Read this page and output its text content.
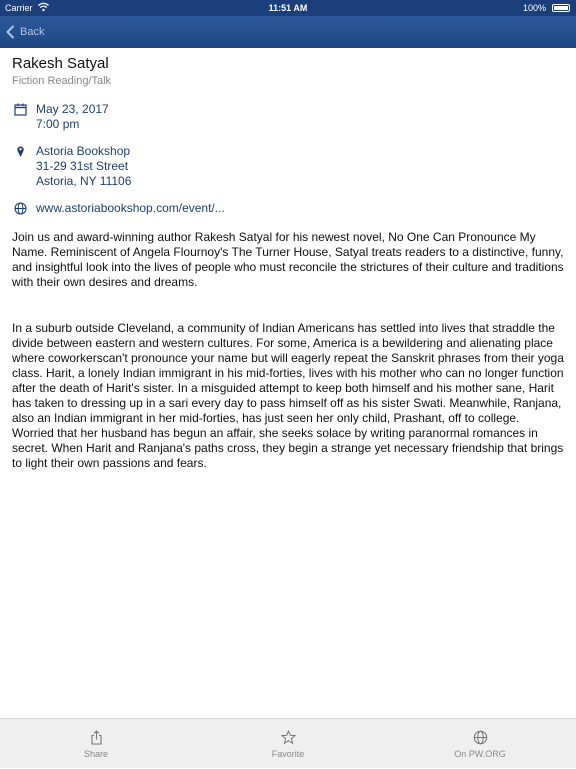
Carrier	11:51 AM	100%
Back
Rakesh Satyal
Fiction Reading/Talk
May 23, 2017
7:00 pm
Astoria Bookshop
31-29 31st Street
Astoria, NY 11106
www.astoriabookshop.com/event/...

Join us and award-winning author Rakesh Satyal for his newest novel, No One Can Pronounce My Name. Reminiscent of Angela Flournoy's The Turner House, Satyal treats readers to a distinctive, funny, and insightful look into the lives of people who must reconcile the strictures of their culture and traditions with their own desires and dreams.

In a suburb outside Cleveland, a community of Indian Americans has settled into lives that straddle the divide between eastern and western cultures. For some, America is a bewildering and alienating place where coworkerscan't pronounce your name but will eagerly repeat the Sanskrit phrases from their yoga class. Harit, a lonely Indian immigrant in his mid-forties, lives with his mother who can no longer function after the death of Harit's sister. In a misguided attempt to keep both himself and his mother sane, Harit has taken to dressing up in a sari every day to pass himself off as his sister Swati. Meanwhile, Ranjana, also an Indian immigrant in her mid-forties, has just seen her only child, Prashant, off to college. Worried that her husband has begun an affair, she seeks solace by writing paranormal romances in secret. When Harit and Ranjana's paths cross, they begin a strange yet necessary friendship that brings to light their own passions and fears.

Share	Favorite	On PW.ORG
